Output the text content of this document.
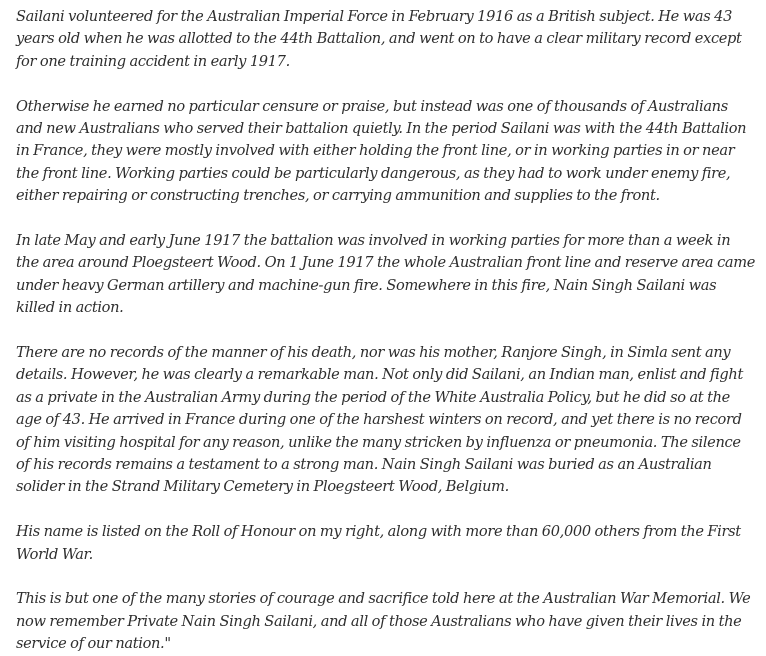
Sailani volunteered for the Australian Imperial Force in February 1916 as a British subject. He was 43 years old when he was allotted to the 44th Battalion, and went on to have a clear military record except for one training accident in early 1917.

Otherwise he earned no particular censure or praise, but instead was one of thousands of Australians and new Australians who served their battalion quietly. In the period Sailani was with the 44th Battalion in France, they were mostly involved with either holding the front line, or in working parties in or near the front line. Working parties could be particularly dangerous, as they had to work under enemy fire, either repairing or constructing trenches, or carrying ammunition and supplies to the front.

In late May and early June 1917 the battalion was involved in working parties for more than a week in the area around Ploegsteert Wood. On 1 June 1917 the whole Australian front line and reserve area came under heavy German artillery and machine-gun fire. Somewhere in this fire, Nain Singh Sailani was killed in action.

There are no records of the manner of his death, nor was his mother, Ranjore Singh, in Simla sent any details. However, he was clearly a remarkable man. Not only did Sailani, an Indian man, enlist and fight as a private in the Australian Army during the period of the White Australia Policy, but he did so at the age of 43. He arrived in France during one of the harshest winters on record, and yet there is no record of him visiting hospital for any reason, unlike the many stricken by influenza or pneumonia. The silence of his records remains a testament to a strong man. Nain Singh Sailani was buried as an Australian solider in the Strand Military Cemetery in Ploegsteert Wood, Belgium.

His name is listed on the Roll of Honour on my right, along with more than 60,000 others from the First World War.

This is but one of the many stories of courage and sacrifice told here at the Australian War Memorial. We now remember Private Nain Singh Sailani, and all of those Australians who have given their lives in the service of our nation."
